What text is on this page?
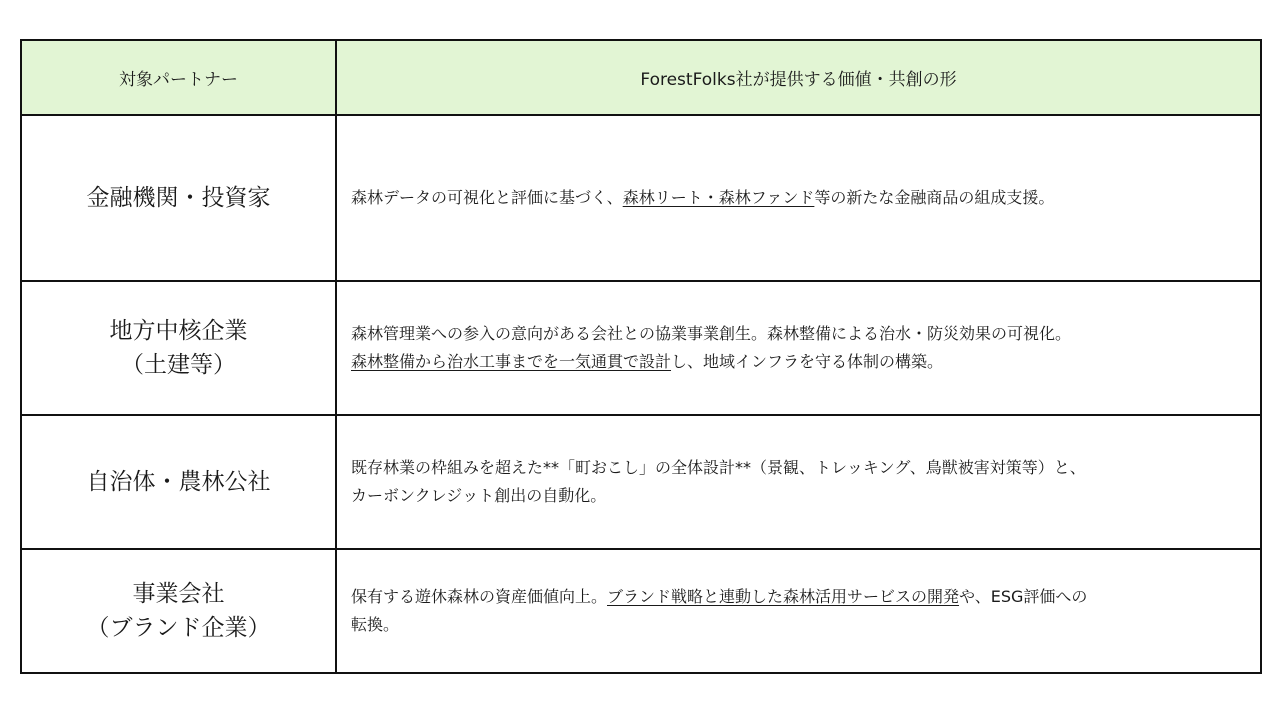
対象パートナー	ForestFolks社が提供する価値・共創の形

金融機関・投資家	森林データの可視化と評価に基づく、森林リート・森林ファンド等の新たな金融商品の組成支援。

地方中核企業
（土建等）	森林管理業への参入の意向がある会社との協業事業創生。森林整備による治水・防災効果の可視化。
森林整備から治水工事までを一気通貫で設計し、地域インフラを守る体制の構築。

自治体・農林公社	既存林業の枠組みを超えた**「町おこし」の全体設計**（景観、トレッキング、鳥獣被害対策等）と、
カーボンクレジット創出の自動化。

事業会社
（ブランド企業）	保有する遊休森林の資産価値向上。ブランド戦略と連動した森林活用サービスの開発や、ESG評価への
転換。
